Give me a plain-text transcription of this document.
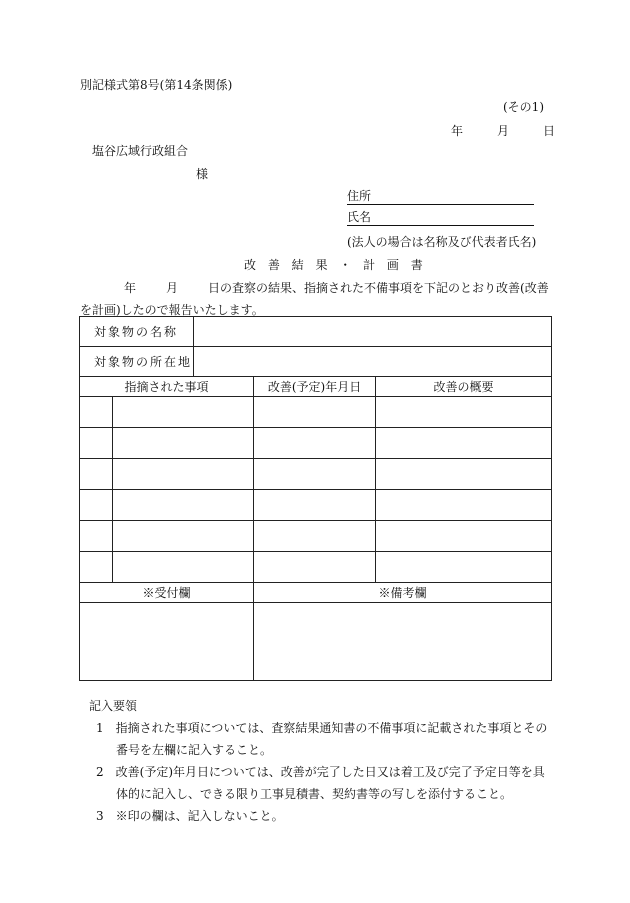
別記様式第8号(第14条関係)
(その1)
年	月	日
塩谷広域行政組合
様
住所
氏名
(法人の場合は名称及び代表者氏名)
改 善 結 果 ・ 計 画 書
年	月	日の査察の結果、指摘された不備事項を下記のとおり改善(改善を計画)したので報告いたします。
対象物の名称				
対象物の所在地				
指摘された事項			改善(予定)年月日	改善の概要

※受付欄			※備考欄	

記入要領
1　指摘された事項については、査察結果通知書の不備事項に記載された事項とその番号を左欄に記入すること。
2　改善(予定)年月日については、改善が完了した日又は着工及び完了予定日等を具体的に記入し、できる限り工事見積書、契約書等の写しを添付すること。
3　※印の欄は、記入しないこと。
